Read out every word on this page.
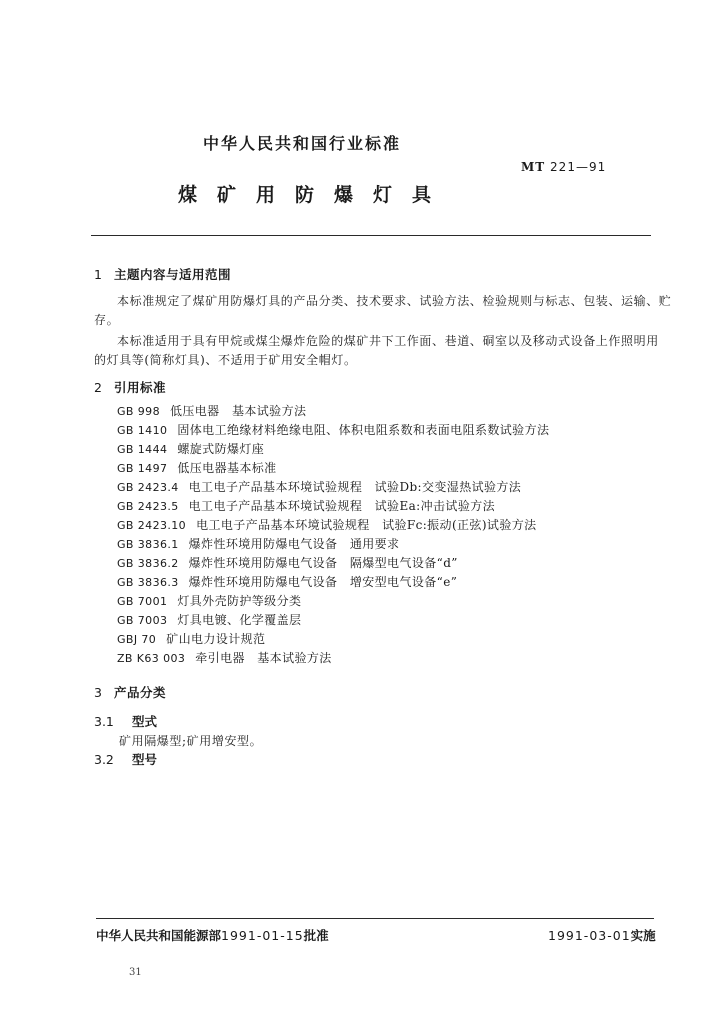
中华人民共和国行业标准
MT 221—91
煤矿用防爆灯具
1 主题内容与适用范围
本标准规定了煤矿用防爆灯具的产品分类、技术要求、试验方法、检验规则与标志、包装、运输、贮
存。
本标准适用于具有甲烷或煤尘爆炸危险的煤矿井下工作面、巷道、硐室以及移动式设备上作照明用
的灯具等(简称灯具)、不适用于矿用安全帽灯。
2 引用标准
GB 998 低压电器　基本试验方法
GB 1410 固体电工绝缘材料绝缘电阻、体积电阻系数和表面电阻系数试验方法
GB 1444 螺旋式防爆灯座
GB 1497 低压电器基本标准
GB 2423.4 电工电子产品基本环境试验规程　试验Db:交变湿热试验方法
GB 2423.5 电工电子产品基本环境试验规程　试验Ea:冲击试验方法
GB 2423.10 电工电子产品基本环境试验规程　试验Fc:振动(正弦)试验方法
GB 3836.1 爆炸性环境用防爆电气设备　通用要求
GB 3836.2 爆炸性环境用防爆电气设备　隔爆型电气设备“d”
GB 3836.3 爆炸性环境用防爆电气设备　增安型电气设备“e”
GB 7001 灯具外壳防护等级分类
GB 7003 灯具电镀、化学覆盖层
GBJ 70 矿山电力设计规范
ZB K63 003 牵引电器　基本试验方法
3 产品分类
3.1 型式
矿用隔爆型;矿用增安型。
3.2 型号
中华人民共和国能源部1991-01-15批准	1991-03-01实施
31
